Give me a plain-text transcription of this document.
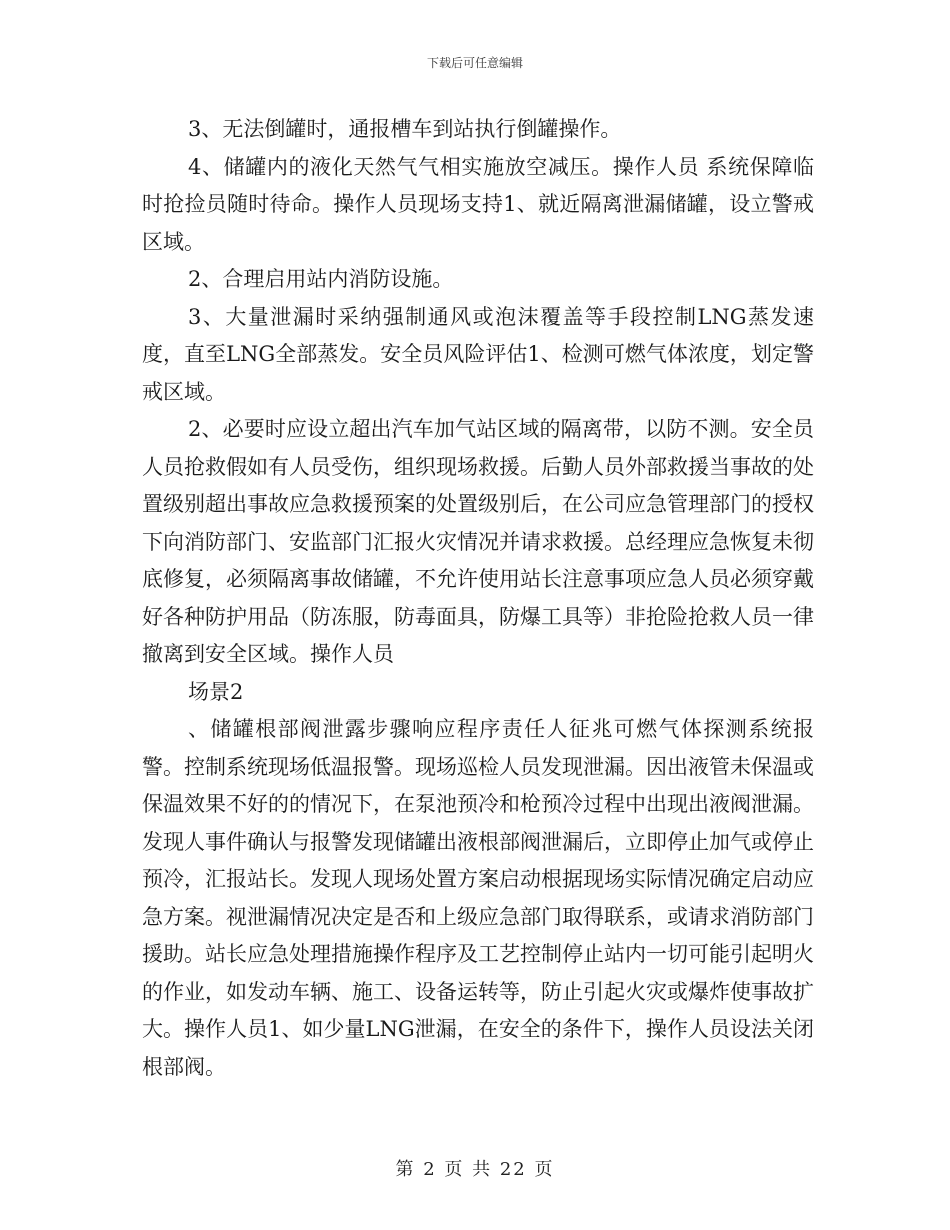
下载后可任意编辑

3、无法倒罐时，通报槽车到站执行倒罐操作。

4、储罐内的液化天然气气相实施放空减压。操作人员 系统保障临时抢捡员随时待命。操作人员现场支持1、就近隔离泄漏储罐，设立警戒区域。

2、合理启用站内消防设施。

3、大量泄漏时采纳强制通风或泡沫覆盖等手段控制LNG蒸发速度，直至LNG全部蒸发。安全员风险评估1、检测可燃气体浓度，划定警戒区域。

2、必要时应设立超出汽车加气站区域的隔离带，以防不测。安全员人员抢救假如有人员受伤，组织现场救援。后勤人员外部救援当事故的处置级别超出事故应急救援预案的处置级别后，在公司应急管理部门的授权下向消防部门、安监部门汇报火灾情况并请求救援。总经理应急恢复未彻底修复，必须隔离事故储罐，不允许使用站长注意事项应急人员必须穿戴好各种防护用品（防冻服，防毒面具，防爆工具等）非抢险抢救人员一律撤离到安全区域。操作人员

场景2

、储罐根部阀泄露步骤响应程序责任人征兆可燃气体探测系统报警。控制系统现场低温报警。现场巡检人员发现泄漏。因出液管未保温或保温效果不好的的情况下，在泵池预冷和枪预冷过程中出现出液阀泄漏。发现人事件确认与报警发现储罐出液根部阀泄漏后，立即停止加气或停止预冷，汇报站长。发现人现场处置方案启动根据现场实际情况确定启动应急方案。视泄漏情况决定是否和上级应急部门取得联系，或请求消防部门援助。站长应急处理措施操作程序及工艺控制停止站内一切可能引起明火的作业，如发动车辆、施工、设备运转等，防止引起火灾或爆炸使事故扩大。操作人员1、如少量LNG泄漏，在安全的条件下，操作人员设法关闭根部阀。

第 2 页 共 22 页
